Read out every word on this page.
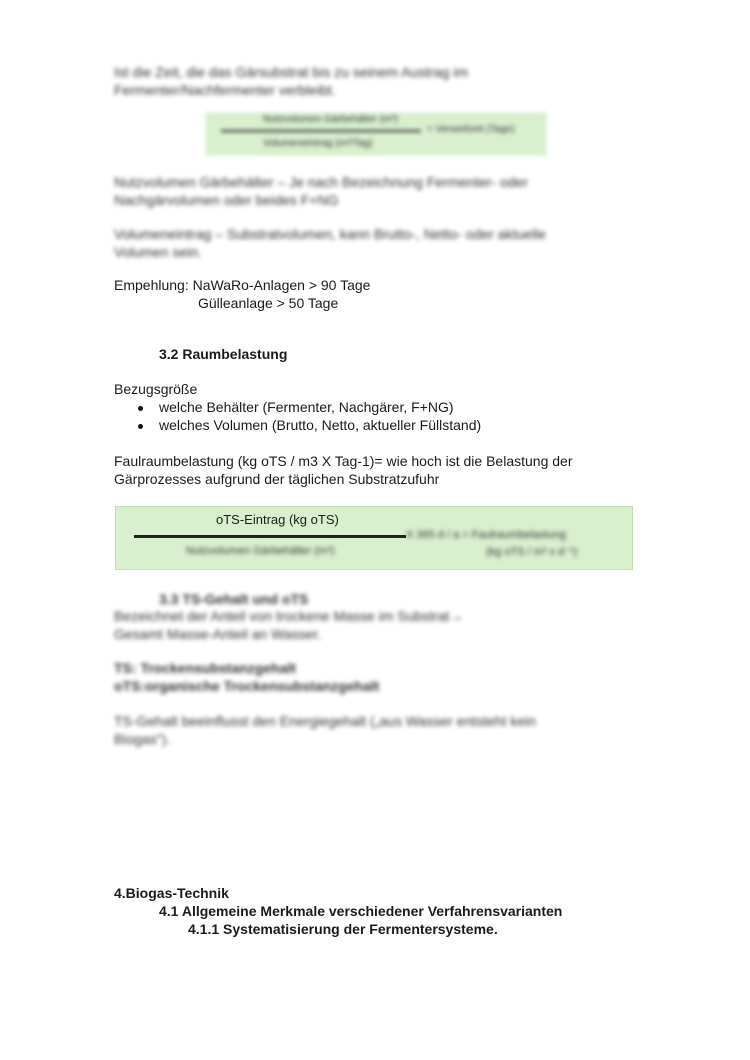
Ist die Zeit, die das Gärsubstrat bis zu seinem Austrag im
Fermenter/Nachfermenter verbleibt.
Nutzvolumen Gärbehälter (m³)
Volumeneintrag (m³/Tag)
= Verweilzeit (Tage)
Nutzvolumen Gärbehälter – Je nach Bezeichnung Fermenter- oder
Nachgärvolumen oder beides F+NG
Volumeneintrag – Substratvolumen, kann Brutto-, Netto- oder aktuelle
Volumen sein.
Empehlung: NaWaRo-Anlagen > 90 Tage
Gülleanlage > 50 Tage
3.2 Raumbelastung
Bezugsgröße
welche Behälter (Fermenter, Nachgärer, F+NG)
welches Volumen (Brutto, Netto, aktueller Füllstand)
Faulraumbelastung (kg oTS / m3 X Tag-1)= wie hoch ist die Belastung der
Gärprozesses aufgrund der täglichen Substratzufuhr
oTS-Eintrag (kg oTS)
Nutzvolumen Gärbehälter (m³)
X 365 d / a = Faulraumbelastung
(kg oTS / m³ x d⁻¹)
3.3 TS-Gehalt und oTS
Bezeichnet der Anteil von trockene Masse im Substrat→
Gesamt Masse-Anteil an Wasser.
TS: Trockensubstanzgehalt
oTS:organische Trockensubstanzgehalt
TS-Gehalt beeinflusst den Energiegehalt („aus Wasser entsteht kein
Biogas").
4.Biogas-Technik
4.1 Allgemeine Merkmale verschiedener Verfahrensvarianten
4.1.1 Systematisierung der Fermentersysteme.
